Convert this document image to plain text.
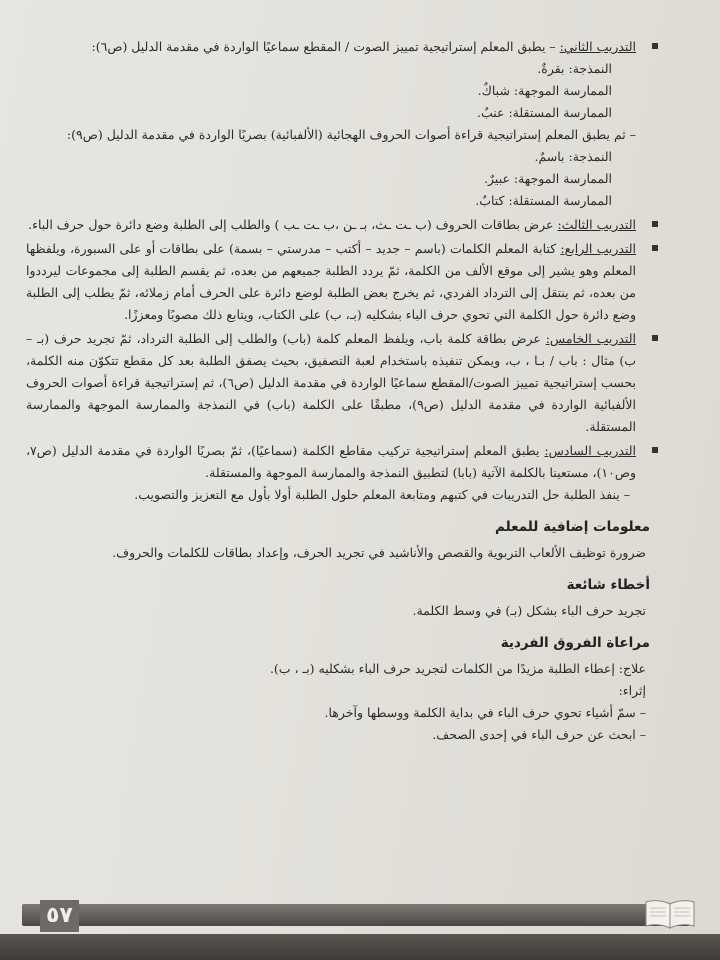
التدريب الثاني: – يطبق المعلم إستراتيجية تمييز الصوت / المقطع سماعيًا الواردة في مقدمة الدليل (ص٦):
النمذجة: بقرةٌ.
الممارسة الموجهة: شباكٌ.
الممارسة المستقلة: عنبٌ.
– ثم يطبق المعلم إستراتيجية قراءة أصوات الحروف الهجائية (الألفبائية) بصريًا الواردة في مقدمة الدليل (ص٩):
النمذجة: باسمٌ.
الممارسة الموجهة: عبيرٌ.
الممارسة المستقلة: كتابٌ.
التدريب الثالث: عرض بطاقات الحروف (ب ـت ـث، بـ ـن ،ب ـت ـب ) والطلب إلى الطلبة وضع دائرة حول حرف الباء.
التدريب الرابع: كتابة المعلم الكلمات (باسم – جديد – أكتب – مدرستي – بسمة) على بطاقات أو على السبورة، ويلفظها المعلم وهو يشير إلى موقع الألف من الكلمة، ثمّ يردد الطلبة جميعهم من بعده، ثم يقسم الطلبة إلى مجموعات ليرددوا من بعده، ثم ينتقل إلى الترداد الفردي، ثم يخرج بعض الطلبة لوضع دائرة على الحرف أمام زملائه، ثمّ يطلب إلى الطلبة وضع دائرة حول الكلمة التي تحوي حرف الباء بشكليه (بـ، ب) على الكتاب، ويتابع ذلك مصوبًا ومعززًا.
التدريب الخامس: عرض بطاقة كلمة باب، ويلفظ المعلم كلمة (باب) والطلب إلى الطلبة الترداد، ثمّ تجريد حرف (بـ – ب) مثال : باب / بـا ، ب، ويمكن تنفيذه باستخدام لعبة التصفيق، بحيث يصفق الطلبة بعد كل مقطع تتكوّن منه الكلمة، بحسب إستراتيجية تمييز الصوت/المقطع سماعيًا الواردة في مقدمة الدليل (ص٦)، ثم إستراتيجية قراءة أصوات الحروف الألفبائية الواردة في مقدمة الدليل (ص٩)، مطبقًا على الكلمة (باب) في النمذجة والممارسة الموجهة والممارسة المستقلة.
التدريب السادس: يطبق المعلم إستراتيجية تركيب مقاطع الكلمة (سماعيًا)، ثمّ بصريًا الواردة في مقدمة الدليل (ص٧، وص١٠)، مستعينا بالكلمة الآتية (بابا) لتطبيق النمذجة والممارسة الموجهة والمستقلة.
– ينفذ الطلبة حل التدريبات في كتبهم ومتابعة المعلم حلول الطلبة أولا بأول مع التعزيز والتصويب.
معلومات إضافية للمعلم
ضرورة توظيف الألعاب التربوية والقصص والأناشيد في تجريد الحرف، وإعداد بطاقات للكلمات والحروف.
أخطاء شائعة
تجريد حرف الباء بشكل (بـ) في وسط الكلمة.
مراعاة الفروق الفردية
علاج: إعطاء الطلبة مزيدًا من الكلمات لتجريد حرف الباء بشكليه (بـ ، ب).
إثراء:
– سمّ أشياء تحوي حرف الباء في بداية الكلمة ووسطها وآخرها.
– ابحث عن حرف الباء في إحدى الصحف.
٥٧
